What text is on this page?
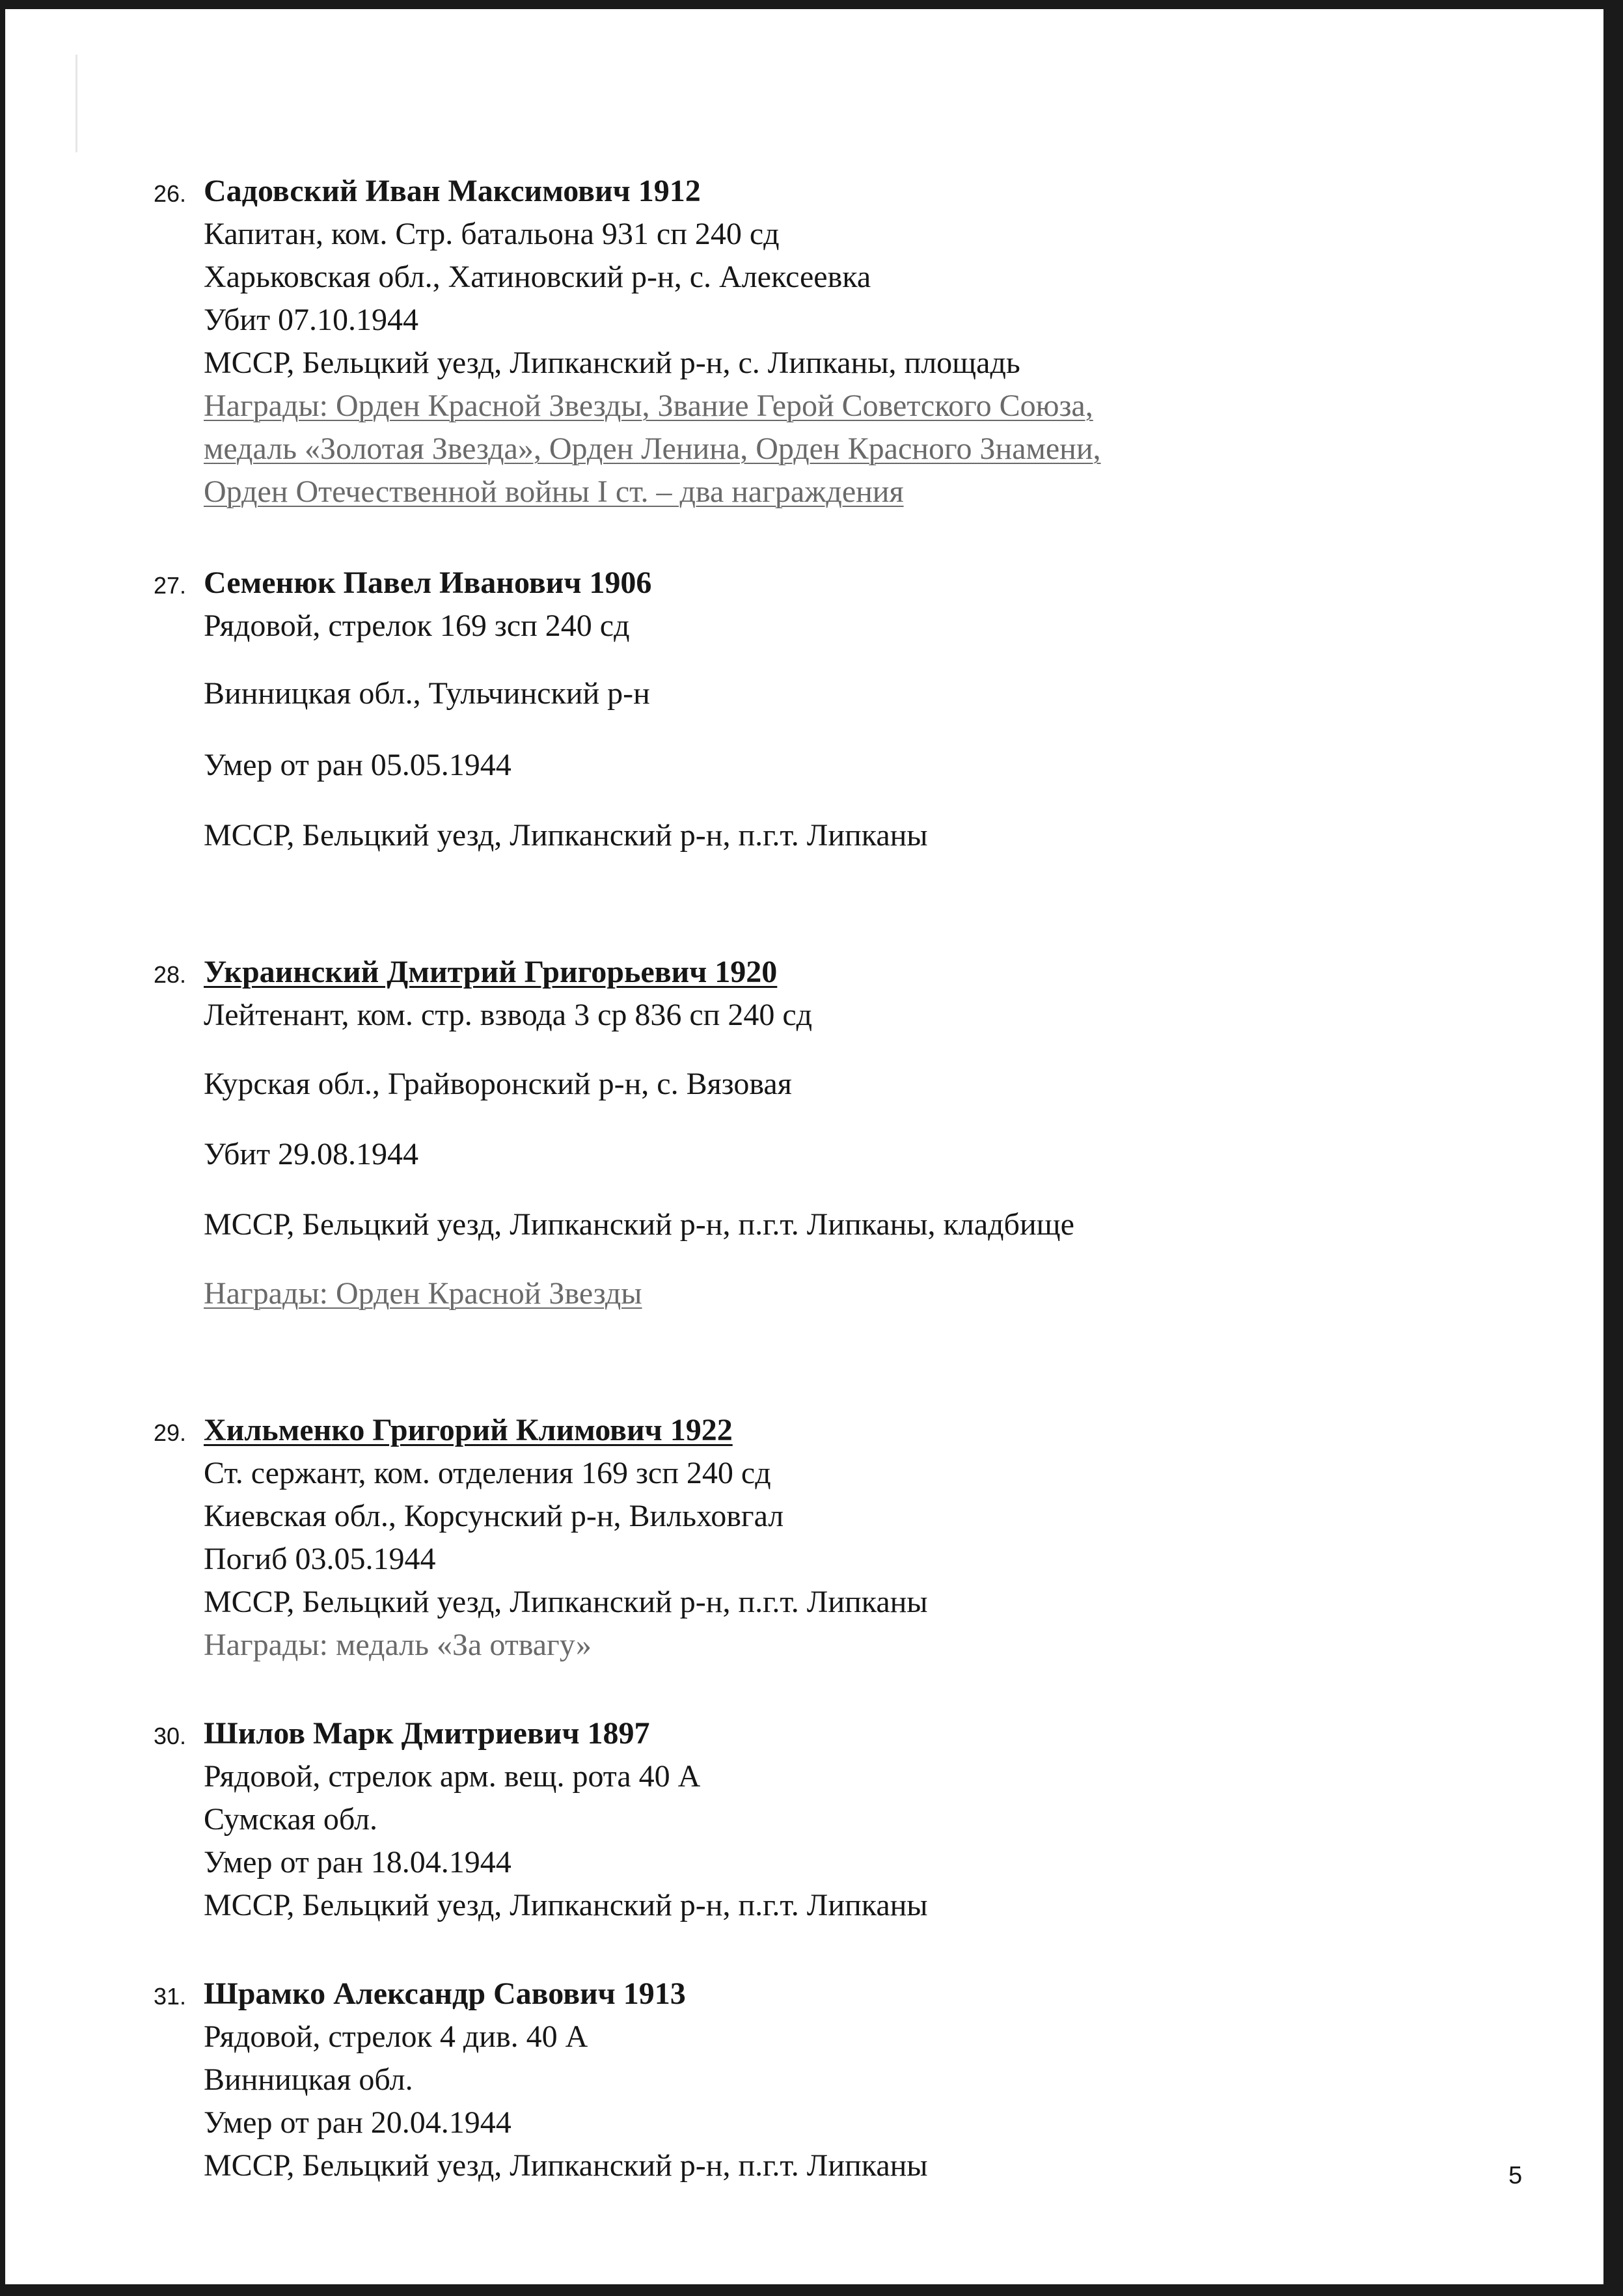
26. Садовский Иван Максимович 1912
Капитан, ком. Стр. батальона 931 сп 240 сд
Харьковская обл., Хатиновский р-н, с. Алексеевка
Убит 07.10.1944
МССР, Бельцкий уезд, Липканский р-н, с. Липканы, площадь
Награды: Орден Красной Звезды, Звание Герой Советского Союза,
медаль «Золотая Звезда», Орден Ленина, Орден Красного Знамени,
Орден Отечественной войны I ст. – два награждения
27. Семенюк Павел Иванович 1906
Рядовой, стрелок 169 зсп 240 сд
Винницкая обл., Тульчинский р-н
Умер от ран 05.05.1944
МССР, Бельцкий уезд, Липканский р-н, п.г.т. Липканы
28. Украинский Дмитрий Григорьевич 1920
Лейтенант, ком. стр. взвода 3 ср 836 сп 240 сд
Курская обл., Грайворонский р-н, с. Вязовая
Убит 29.08.1944
МССР, Бельцкий уезд, Липканский р-н, п.г.т. Липканы, кладбище
Награды: Орден Красной Звезды
29. Хильменко Григорий Климович 1922
Ст. сержант, ком. отделения 169 зсп 240 сд
Киевская обл., Корсунский р-н, Вильховгал
Погиб 03.05.1944
МССР, Бельцкий уезд, Липканский р-н, п.г.т. Липканы
Награды: медаль «За отвагу»
30. Шилов Марк Дмитриевич 1897
Рядовой, стрелок арм. вещ. рота 40 А
Сумская обл.
Умер от ран 18.04.1944
МССР, Бельцкий уезд, Липканский р-н, п.г.т. Липканы
31. Шрамко Александр Савович 1913
Рядовой, стрелок 4 див. 40 А
Винницкая обл.
Умер от ран 20.04.1944
МССР, Бельцкий уезд, Липканский р-н, п.г.т. Липканы	5
